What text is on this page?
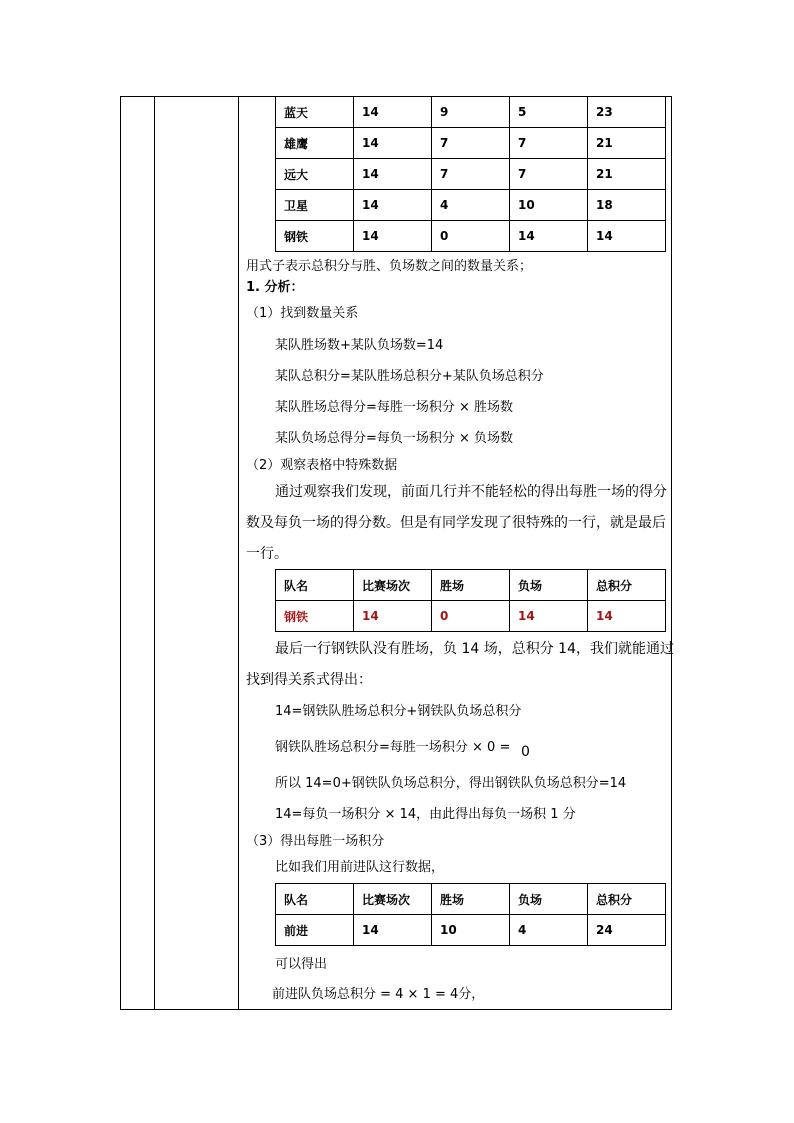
蓝天	14	9	5	23
雄鹰	14	7	7	21
远大	14	7	7	21
卫星	14	4	10	18
钢铁	14	0	14	14
用式子表示总积分与胜、负场数之间的数量关系；
1. 分析：
（1）找到数量关系
某队胜场数+某队负场数=14
某队总积分=某队胜场总积分+某队负场总积分
某队胜场总得分=每胜一场积分 × 胜场数
某队负场总得分=每负一场积分 × 负场数
（2）观察表格中特殊数据
通过观察我们发现，前面几行并不能轻松的得出每胜一场的得分
数及每负一场的得分数。但是有同学发现了很特殊的一行，就是最后
一行。
队名	比赛场次	胜场	负场	总积分
钢铁	14	0	14	14
最后一行钢铁队没有胜场，负 14 场，总积分 14，我们就能通过
找到得关系式得出：
14=钢铁队胜场总积分+钢铁队负场总积分
钢铁队胜场总积分=每胜一场积分 × 0 = 0
所以 14=0+钢铁队负场总积分，得出钢铁队负场总积分=14
14=每负一场积分 × 14，由此得出每负一场积 1 分
（3）得出每胜一场积分
比如我们用前进队这行数据，
队名	比赛场次	胜场	负场	总积分
前进	14	10	4	24
可以得出
前进队负场总积分 = 4 × 1 = 4分，
